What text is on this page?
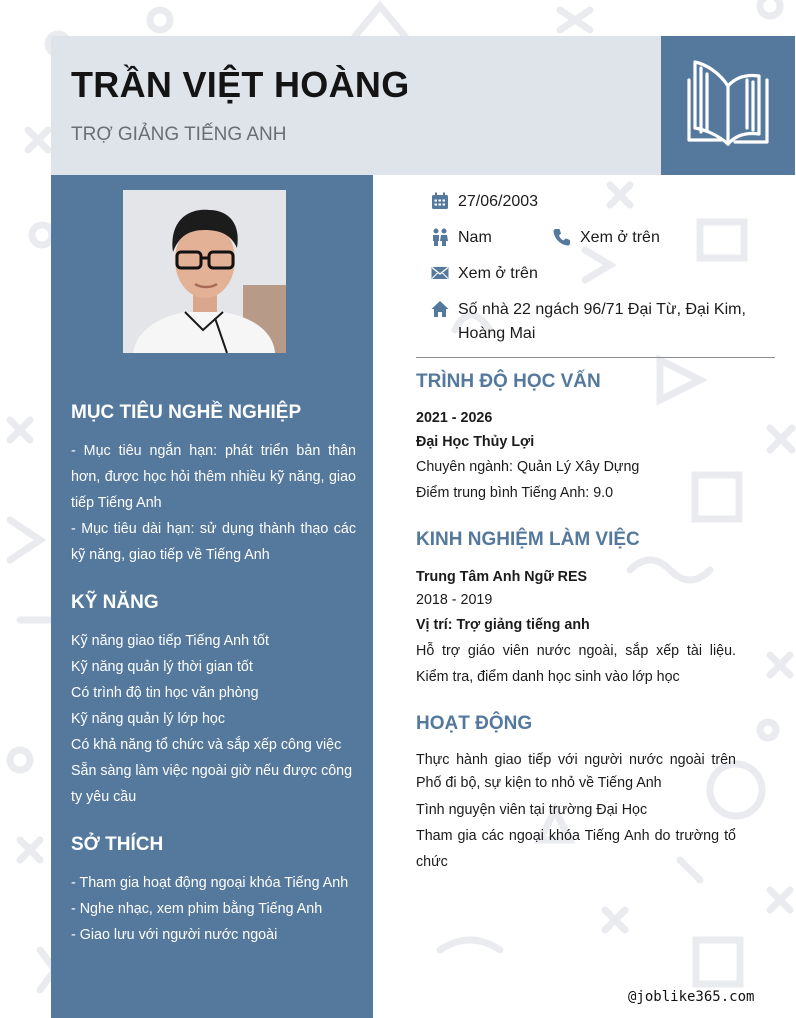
TRẦN VIỆT HOÀNG
TRỢ GIẢNG TIẾNG ANH
MỤC TIÊU NGHỀ NGHIỆP
- Mục tiêu ngắn hạn: phát triển bản thân hơn, được học hỏi thêm nhiều kỹ năng, giao tiếp Tiếng Anh
- Mục tiêu dài hạn: sử dụng thành thạo các kỹ năng, giao tiếp về Tiếng Anh
KỸ NĂNG
Kỹ năng giao tiếp Tiếng Anh tốt
Kỹ năng quản lý thời gian tốt
Có trình độ tin học văn phòng
Kỹ năng quản lý lớp học
Có khả năng tổ chức và sắp xếp công việc
Sẵn sàng làm việc ngoài giờ nếu được công ty yêu cầu
SỞ THÍCH
- Tham gia hoạt động ngoại khóa Tiếng Anh
- Nghe nhạc, xem phim bằng Tiếng Anh
- Giao lưu với người nước ngoài
27/06/2003
Nam	Xem ở trên
Xem ở trên
Số nhà 22 ngách 96/71 Đại Từ, Đại Kim,
Hoàng Mai
TRÌNH ĐỘ HỌC VẤN
2021 - 2026
Đại Học Thủy Lợi
Chuyên ngành: Quản Lý Xây Dựng
Điểm trung bình Tiếng Anh: 9.0
KINH NGHIỆM LÀM VIỆC
Trung Tâm Anh Ngữ RES
2018 - 2019
Vị trí: Trợ giảng tiếng anh
Hỗ trợ giáo viên nước ngoài, sắp xếp tài liệu. Kiểm tra, điểm danh học sinh vào lớp học
HOẠT ĐỘNG
Thực hành giao tiếp với người nước ngoài trên Phố đi bộ, sự kiện to nhỏ về Tiếng Anh
Tình nguyện viên tại trường Đại Học
Tham gia các ngoại khóa Tiếng Anh do trường tổ chức
@joblike365.com
